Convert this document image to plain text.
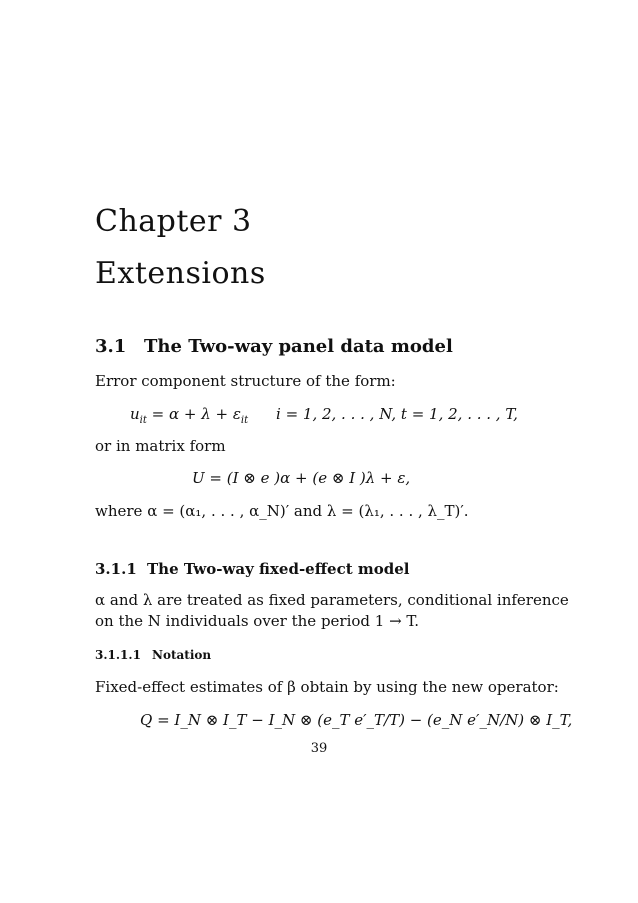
Chapter 3
Extensions
3.1 The Two-way panel data model
Error component structure of the form:
$u_{it} = \alpha + \lambda + \varepsilon_{it}$ i = 1, 2, . . . , N, t = 1, 2, . . . , T,
or in matrix form
U = (I ⊗ e )α + (e ⊗ I )λ + ε,
where α = (α₁, . . . , α_N)′ and λ = (λ₁, . . . , λ_T)′.
3.1.1 The Two-way fixed-effect model
α and λ are treated as fixed parameters, conditional inference
on the N individuals over the period 1 → T.
3.1.1.1 Notation
Fixed-effect estimates of β obtain by using the new operator:
Q = I_N ⊗ I_T − I_N ⊗ (e_T e′_T/T) − (e_N e′_N/N) ⊗ I_T,
39
